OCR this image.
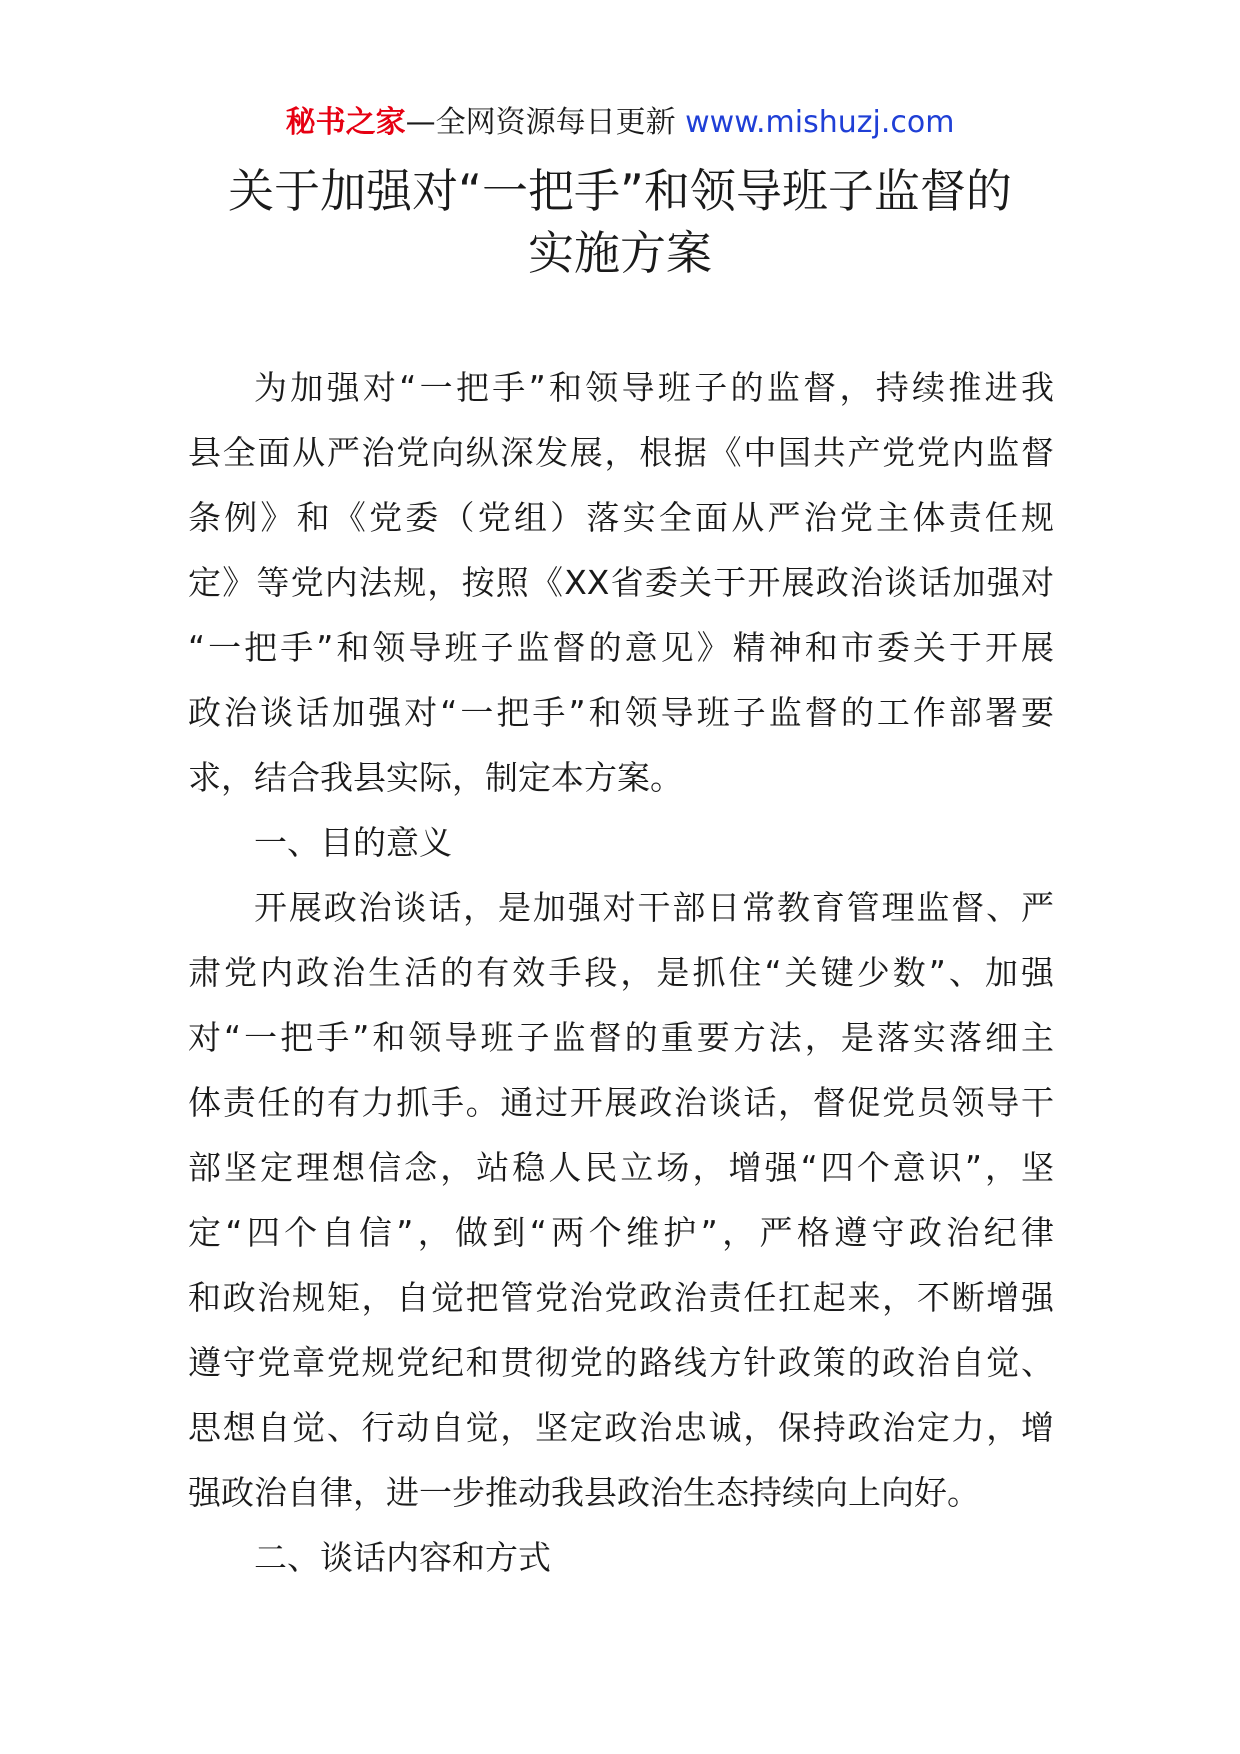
秘书之家—全网资源每日更新 www.mishuzj.com
关于加强对“一把手”和领导班子监督的
实施方案
为加强对“一把手”和领导班子的监督，持续推进我
县全面从严治党向纵深发展，根据《中国共产党党内监督
条例》和《党委（党组）落实全面从严治党主体责任规
定》等党内法规，按照《XX省委关于开展政治谈话加强对
“一把手”和领导班子监督的意见》精神和市委关于开展
政治谈话加强对“一把手”和领导班子监督的工作部署要
求，结合我县实际，制定本方案。
一、目的意义
开展政治谈话，是加强对干部日常教育管理监督、严
肃党内政治生活的有效手段，是抓住“关键少数”、加强
对“一把手”和领导班子监督的重要方法，是落实落细主
体责任的有力抓手。通过开展政治谈话，督促党员领导干
部坚定理想信念，站稳人民立场，增强“四个意识”，坚
定“四个自信”，做到“两个维护”，严格遵守政治纪律
和政治规矩，自觉把管党治党政治责任扛起来，不断增强
遵守党章党规党纪和贯彻党的路线方针政策的政治自觉、
思想自觉、行动自觉，坚定政治忠诚，保持政治定力，增
强政治自律，进一步推动我县政治生态持续向上向好。
二、谈话内容和方式
